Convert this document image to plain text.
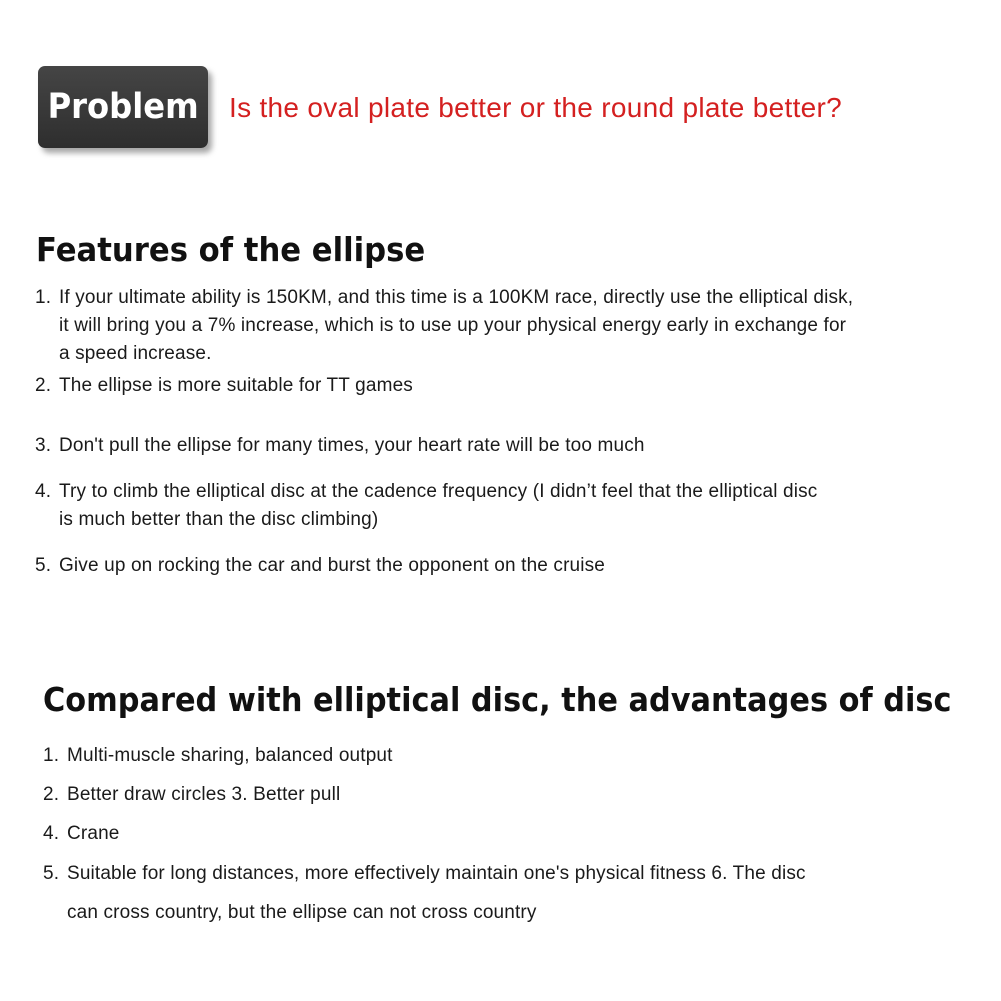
Problem Is the oval plate better or the round plate better?
Features of the ellipse
1. If your ultimate ability is 150KM, and this time is a 100KM race, directly use the elliptical disk,
it will bring you a 7% increase, which is to use up your physical energy early in exchange for
a speed increase.
2. The ellipse is more suitable for TT games
3. Don't pull the ellipse for many times, your heart rate will be too much
4. Try to climb the elliptical disc at the cadence frequency (I didn’t feel that the elliptical disc
is much better than the disc climbing)
5. Give up on rocking the car and burst the opponent on the cruise
Compared with elliptical disc, the advantages of disc
1. Multi-muscle sharing, balanced output
2. Better draw circles 3. Better pull
4. Crane
5. Suitable for long distances, more effectively maintain one's physical fitness 6. The disc
can cross country, but the ellipse can not cross country
